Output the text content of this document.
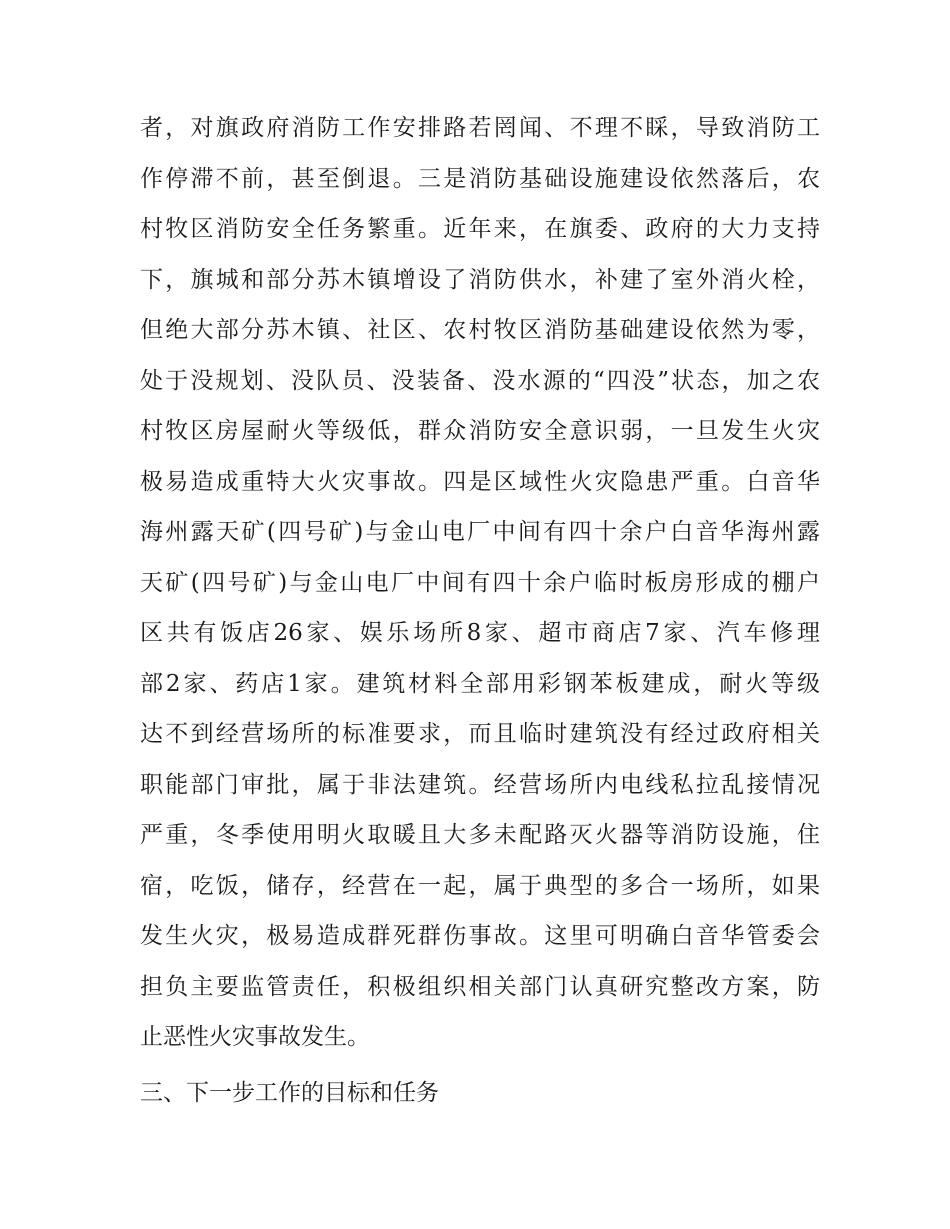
者，对旗政府消防工作安排路若罔闻、不理不睬，导致消防工
作停滞不前，甚至倒退。三是消防基础设施建设依然落后，农
村牧区消防安全任务繁重。近年来，在旗委、政府的大力支持
下，旗城和部分苏木镇增设了消防供水，补建了室外消火栓，
但绝大部分苏木镇、社区、农村牧区消防基础建设依然为零，
处于没规划、没队员、没装备、没水源的“四没”状态，加之农
村牧区房屋耐火等级低，群众消防安全意识弱，一旦发生火灾
极易造成重特大火灾事故。四是区域性火灾隐患严重。白音华
海州露天矿(四号矿)与金山电厂中间有四十余户白音华海州露
天矿(四号矿)与金山电厂中间有四十余户临时板房形成的棚户
区共有饭店26家、娱乐场所8家、超市商店7家、汽车修理
部2家、药店1家。建筑材料全部用彩钢苯板建成，耐火等级
达不到经营场所的标准要求，而且临时建筑没有经过政府相关
职能部门审批，属于非法建筑。经营场所内电线私拉乱接情况
严重，冬季使用明火取暖且大多未配路灭火器等消防设施，住
宿，吃饭，储存，经营在一起，属于典型的多合一场所，如果
发生火灾，极易造成群死群伤事故。这里可明确白音华管委会
担负主要监管责任，积极组织相关部门认真研究整改方案，防
止恶性火灾事故发生。
三、下一步工作的目标和任务
